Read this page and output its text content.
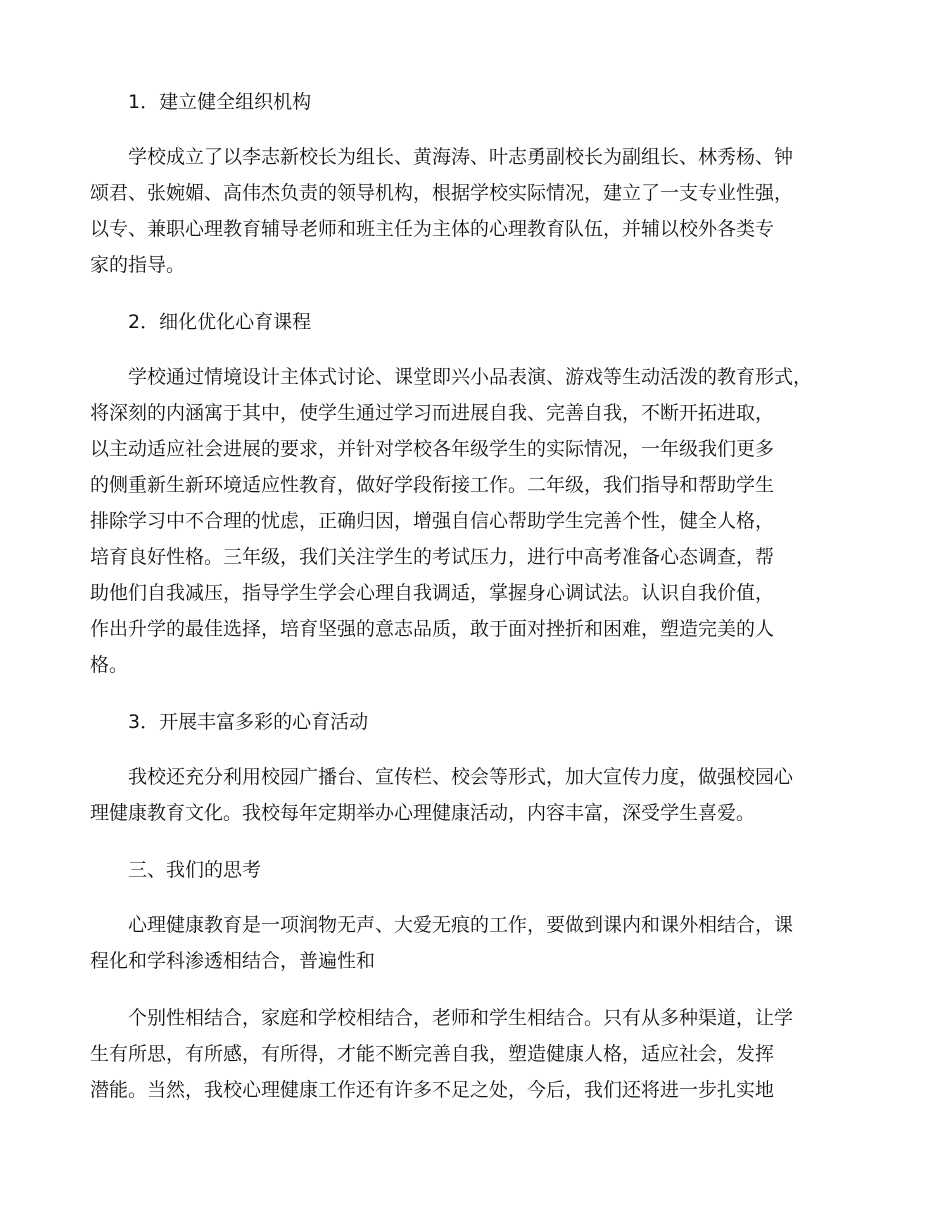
1．建立健全组织机构
学校成立了以李志新校长为组长、黄海涛、叶志勇副校长为副组长、林秀杨、钟
颂君、张婉媚、高伟杰负责的领导机构，根据学校实际情况，建立了一支专业性强，
以专、兼职心理教育辅导老师和班主任为主体的心理教育队伍，并辅以校外各类专
家的指导。
2．细化优化心育课程
学校通过情境设计主体式讨论、课堂即兴小品表演、游戏等生动活泼的教育形式，
将深刻的内涵寓于其中，使学生通过学习而进展自我、完善自我，不断开拓进取，
以主动适应社会进展的要求，并针对学校各年级学生的实际情况，一年级我们更多
的侧重新生新环境适应性教育，做好学段衔接工作。二年级，我们指导和帮助学生
排除学习中不合理的忧虑，正确归因，增强自信心帮助学生完善个性，健全人格，
培育良好性格。三年级，我们关注学生的考试压力，进行中高考准备心态调查，帮
助他们自我减压，指导学生学会心理自我调适，掌握身心调试法。认识自我价值，
作出升学的最佳选择，培育坚强的意志品质，敢于面对挫折和困难，塑造完美的人
格。
3．开展丰富多彩的心育活动
我校还充分利用校园广播台、宣传栏、校会等形式，加大宣传力度，做强校园心
理健康教育文化。我校每年定期举办心理健康活动，内容丰富，深受学生喜爱。
三、我们的思考
心理健康教育是一项润物无声、大爱无痕的工作，要做到课内和课外相结合，课
程化和学科渗透相结合，普遍性和
个别性相结合，家庭和学校相结合，老师和学生相结合。只有从多种渠道，让学
生有所思，有所感，有所得，才能不断完善自我，塑造健康人格，适应社会，发挥
潜能。当然，我校心理健康工作还有许多不足之处，今后，我们还将进一步扎实地
